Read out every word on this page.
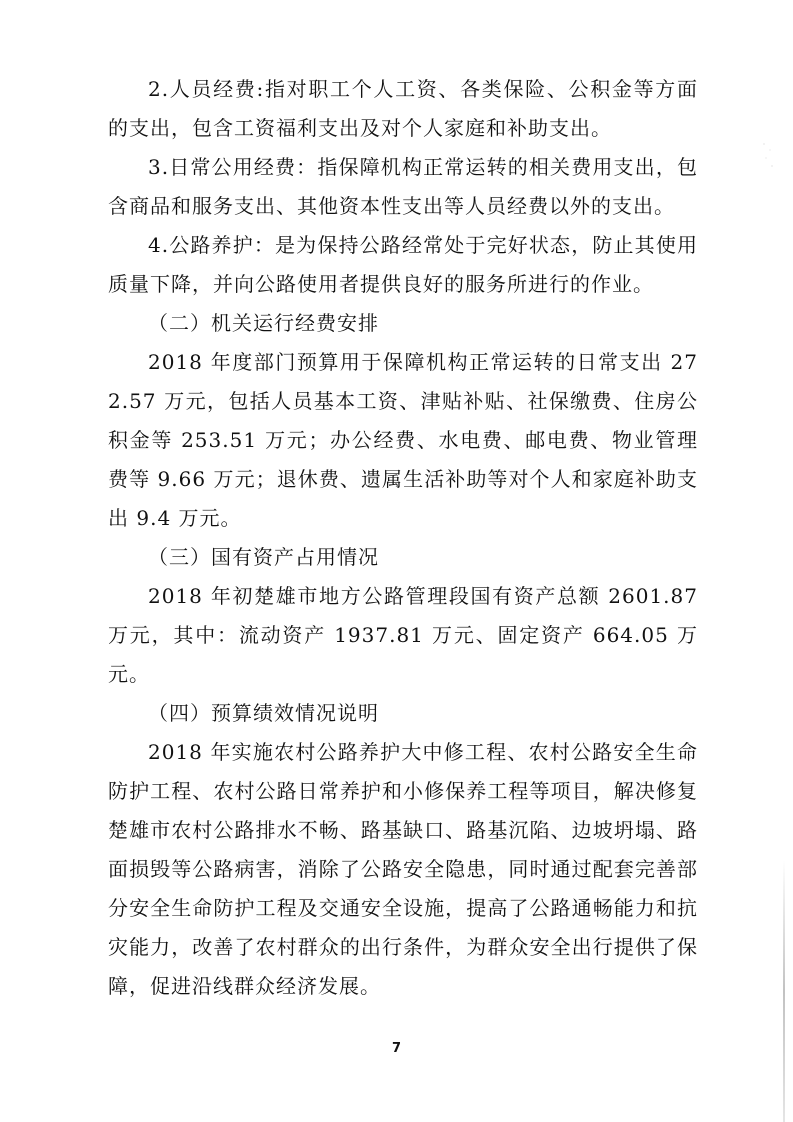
2.人员经费:指对职工个人工资、各类保险、公积金等方面的支出，包含工资福利支出及对个人家庭和补助支出。

3.日常公用经费：指保障机构正常运转的相关费用支出，包含商品和服务支出、其他资本性支出等人员经费以外的支出。

4.公路养护：是为保持公路经常处于完好状态，防止其使用质量下降，并向公路使用者提供良好的服务所进行的作业。

（二）机关运行经费安排

2018 年度部门预算用于保障机构正常运转的日常支出 272.57 万元，包括人员基本工资、津贴补贴、社保缴费、住房公积金等 253.51 万元；办公经费、水电费、邮电费、物业管理费等 9.66 万元；退休费、遗属生活补助等对个人和家庭补助支出 9.4 万元。

（三）国有资产占用情况

2018 年初楚雄市地方公路管理段国有资产总额 2601.87 万元，其中：流动资产 1937.81 万元、固定资产 664.05 万元。

（四）预算绩效情况说明

2018 年实施农村公路养护大中修工程、农村公路安全生命防护工程、农村公路日常养护和小修保养工程等项目，解决修复楚雄市农村公路排水不畅、路基缺口、路基沉陷、边坡坍塌、路面损毁等公路病害，消除了公路安全隐患，同时通过配套完善部分安全生命防护工程及交通安全设施，提高了公路通畅能力和抗灾能力，改善了农村群众的出行条件，为群众安全出行提供了保障，促进沿线群众经济发展。

7
